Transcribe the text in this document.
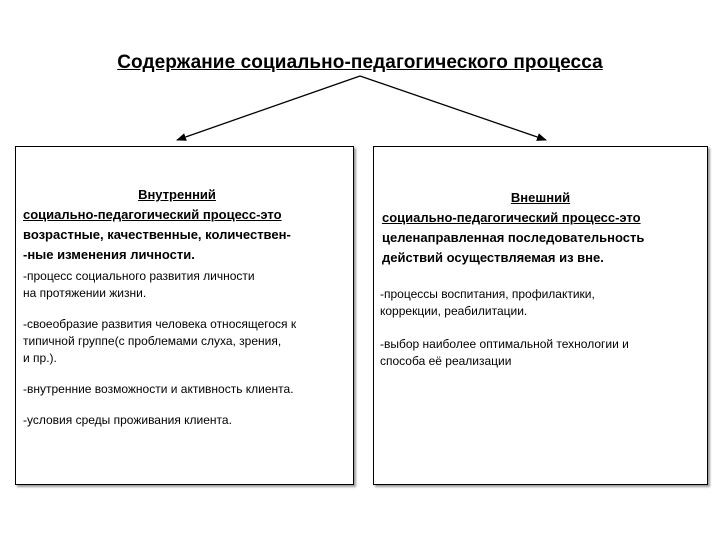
Содержание социально-педагогического процесса
Внутренний
социально-педагогический процесс-это
возрастные, качественные, количествен-
-ные изменения личности.
-процесс социального развития личности
на протяжении жизни.
-своеобразие развития человека относящегося к
типичной группе(с проблемами слуха, зрения,
и пр.).
-внутренние возможности и активность клиента.
-условия среды проживания клиента.
Внешний
социально-педагогический процесс-это
целенаправленная последовательность
действий осуществляемая из вне.
-процессы воспитания, профилактики,
коррекции, реабилитации.
-выбор наиболее оптимальной технологии и
способа её реализации
